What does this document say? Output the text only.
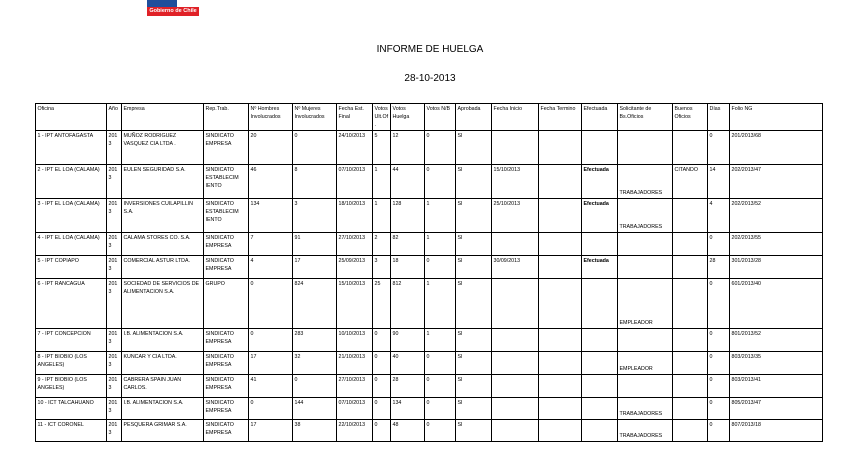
Gobierno de Chile
INFORME DE HUELGA
28-10-2013
Oficina	Año	Empresa	Rep.Trab.	Nº Hombres Involucrados	Nº Mujeres Involucrados	Fecha Est. Final	Votos Ult.Of.	Votos Huelga	Votos N/B	Aprobada	Fecha Inicio	Fecha Termino	Efectuada	Solicitante de Bs.Oficios	Buenos Oficios	Días	Folio NG
1 - IPT ANTOFAGASTA	2013	MUÑOZ RODRIGUEZ VASQUEZ CIA LTDA .	SINDICATO EMPRESA	20	0	24/10/2013	5	12	0	SI						0	201/2013/68
2 - IPT EL LOA (CALAMA)	2013	EULEN SEGURIDAD S.A.	SINDICATO ESTABLECIM IENTO	46	8	07/10/2013	1	44	0	SI	15/10/2013		Efectuada	TRABAJADORES	CITANDO	14	202/2013/47
3 - IPT EL LOA (CALAMA)	2013	INVERSIONES CUILAPILLIN S.A.	SINDICATO ESTABLECIM IENTO	134	3	18/10/2013	1	128	1	SI	25/10/2013		Efectuada	TRABAJADORES		4	202/2013/52
4 - IPT EL LOA (CALAMA)	2013	CALAMA STORES CO. S.A.	SINDICATO EMPRESA	7	91	27/10/2013	2	82	1	SI						0	202/2013/55
5 - IPT COPIAPO	2013	COMERCIAL ASTUR LTDA.	SINDICATO EMPRESA	4	17	25/09/2013	3	18	0	SI	30/09/2013		Efectuada			28	301/2013/28
6 - IPT RANCAGUA	2013	SOCIEDAD DE SERVICIOS DE ALIMENTACION S.A.	GRUPO	0	824	15/10/2013	25	812	1	SI				EMPLEADOR		0	601/2013/40
7 - IPT CONCEPCION	2013	I.B. ALIMENTACION S.A.	SINDICATO EMPRESA	0	283	10/10/2013	0	90	1	SI						0	801/2013/52
8 - IPT BIOBIO (LOS ANGELES)	2013	KUNCAR Y CIA LTDA.	SINDICATO EMPRESA	17	32	21/10/2013	0	40	0	SI				EMPLEADOR		0	803/2013/35
9 - IPT BIOBIO (LOS ANGELES)	2013	CABRERA SPAIN JUAN CARLOS.	SINDICATO EMPRESA	41	0	27/10/2013	0	28	0	SI						0	803/2013/41
10 - ICT TALCAHUANO	2013	I.B. ALIMENTACION S.A.	SINDICATO EMPRESA	0	144	07/10/2013	0	134	0	SI				TRABAJADORES		0	805/2013/47
11 - ICT CORONEL	2013	PESQUERA GRIMAR S.A.	SINDICATO EMPRESA	17	38	22/10/2013	0	48	0	SI				TRABAJADORES		0	807/2013/18
